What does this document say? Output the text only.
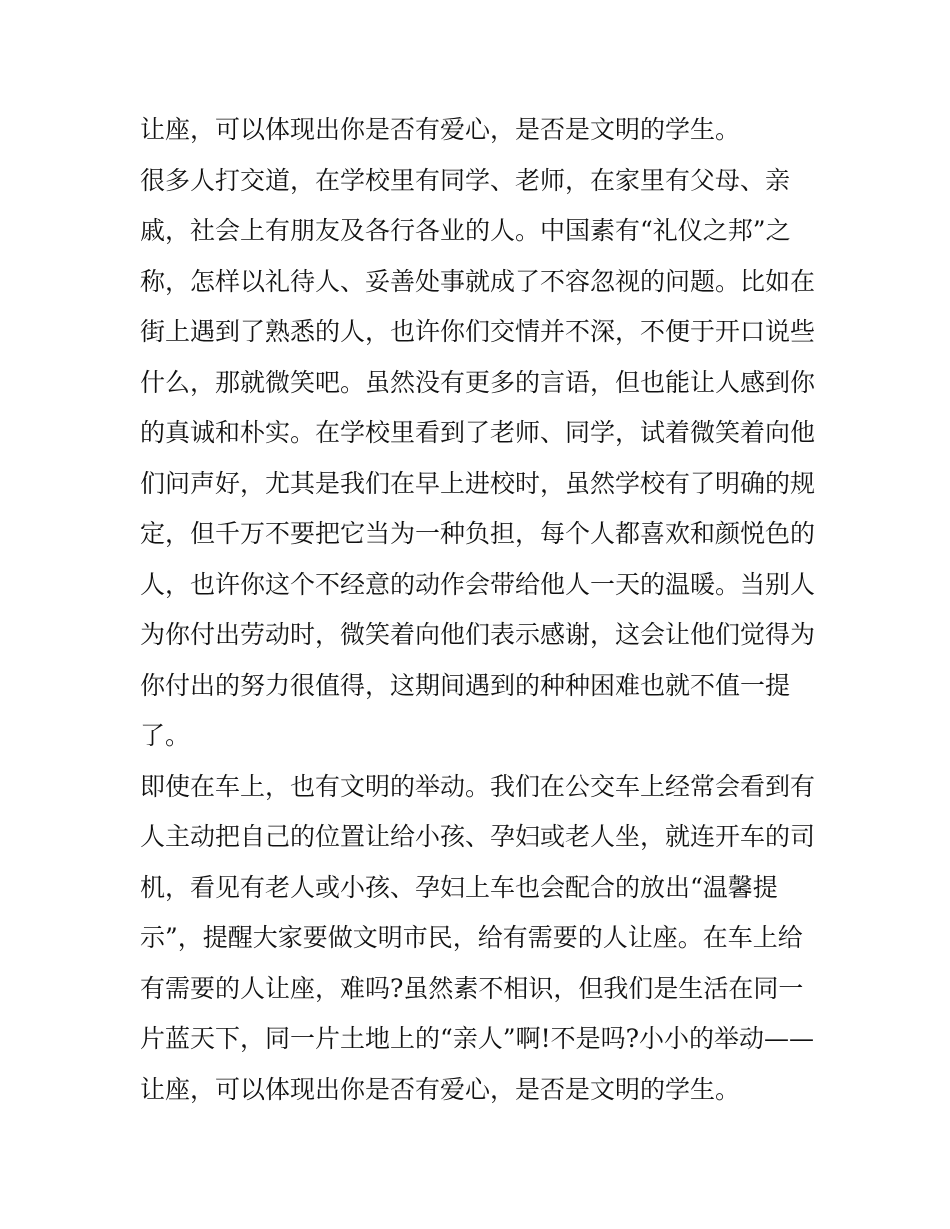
让座，可以体现出你是否有爱心，是否是文明的学生。
很多人打交道，在学校里有同学、老师，在家里有父母、亲
戚，社会上有朋友及各行各业的人。中国素有“礼仪之邦”之
称，怎样以礼待人、妥善处事就成了不容忽视的问题。比如在
街上遇到了熟悉的人，也许你们交情并不深，不便于开口说些
什么，那就微笑吧。虽然没有更多的言语，但也能让人感到你
的真诚和朴实。在学校里看到了老师、同学，试着微笑着向他
们问声好，尤其是我们在早上进校时，虽然学校有了明确的规
定，但千万不要把它当为一种负担，每个人都喜欢和颜悦色的
人，也许你这个不经意的动作会带给他人一天的温暖。当别人
为你付出劳动时，微笑着向他们表示感谢，这会让他们觉得为
你付出的努力很值得，这期间遇到的种种困难也就不值一提
了。
即使在车上，也有文明的举动。我们在公交车上经常会看到有
人主动把自己的位置让给小孩、孕妇或老人坐，就连开车的司
机，看见有老人或小孩、孕妇上车也会配合的放出“温馨提
示”，提醒大家要做文明市民，给有需要的人让座。在车上给
有需要的人让座，难吗?虽然素不相识，但我们是生活在同一
片蓝天下，同一片土地上的“亲人”啊!不是吗?小小的举动——
让座，可以体现出你是否有爱心，是否是文明的学生。
